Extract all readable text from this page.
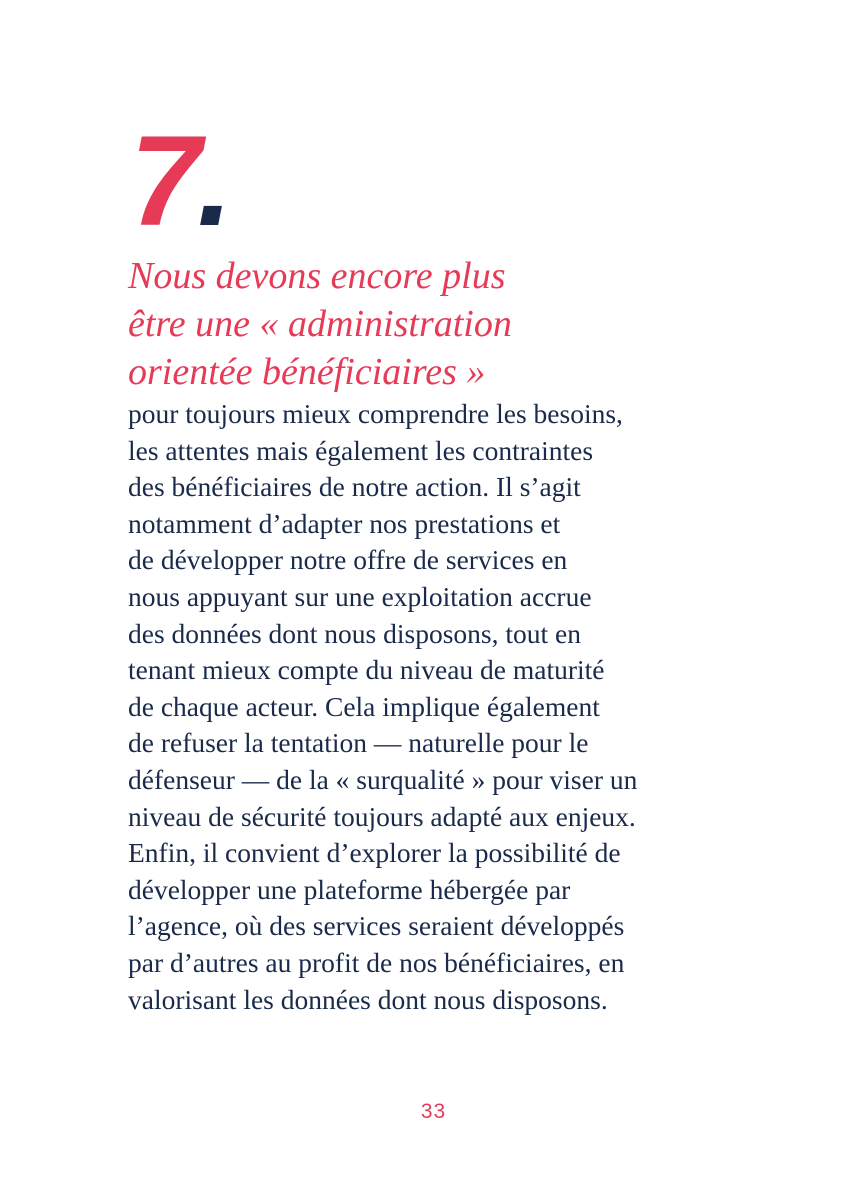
7.
Nous devons encore plus
être une « administration
orientée bénéficiaires »

pour toujours mieux comprendre les besoins,
les attentes mais également les contraintes
des bénéficiaires de notre action. Il s’agit
notamment d’adapter nos prestations et
de développer notre offre de services en
nous appuyant sur une exploitation accrue
des données dont nous disposons, tout en
tenant mieux compte du niveau de maturité
de chaque acteur. Cela implique également
de refuser la tentation — naturelle pour le
défenseur — de la « surqualité » pour viser un
niveau de sécurité toujours adapté aux enjeux.
Enfin, il convient d’explorer la possibilité de
développer une plateforme hébergée par
l’agence, où des services seraient développés
par d’autres au profit de nos bénéficiaires, en
valorisant les données dont nous disposons.

33
